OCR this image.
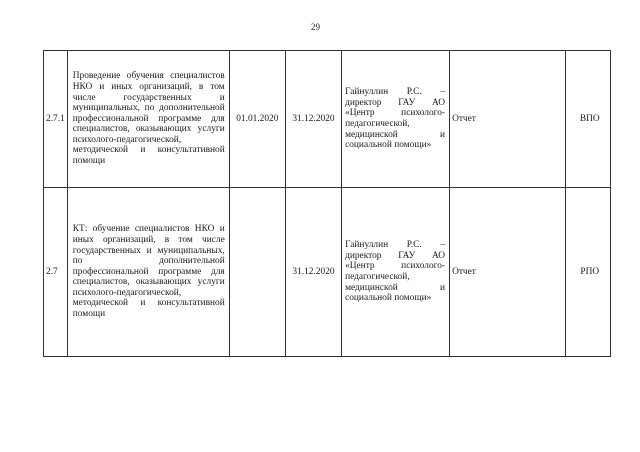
29
2.7.1	Проведение обучения специалистов НКО и иных организаций, в том числе государственных и муниципальных, по дополнительной профессиональной программе для специалистов, оказывающих услуги психолого-педагогической, методической и консультативной помощи	01.01.2020	31.12.2020	Гайнуллин Р.С. – директор ГАУ АО «Центр психолого-педагогической, медицинской и социальной помощи»	Отчет	ВПО

2.7	КТ: обучение специалистов НКО и иных организаций, в том числе государственных и муниципальных, по дополнительной профессиональной программе для специалистов, оказывающих услуги психолого-педагогической, методической и консультативной помощи		31.12.2020	Гайнуллин Р.С. – директор ГАУ АО «Центр психолого-педагогической, медицинской и социальной помощи»	Отчет	РПО
